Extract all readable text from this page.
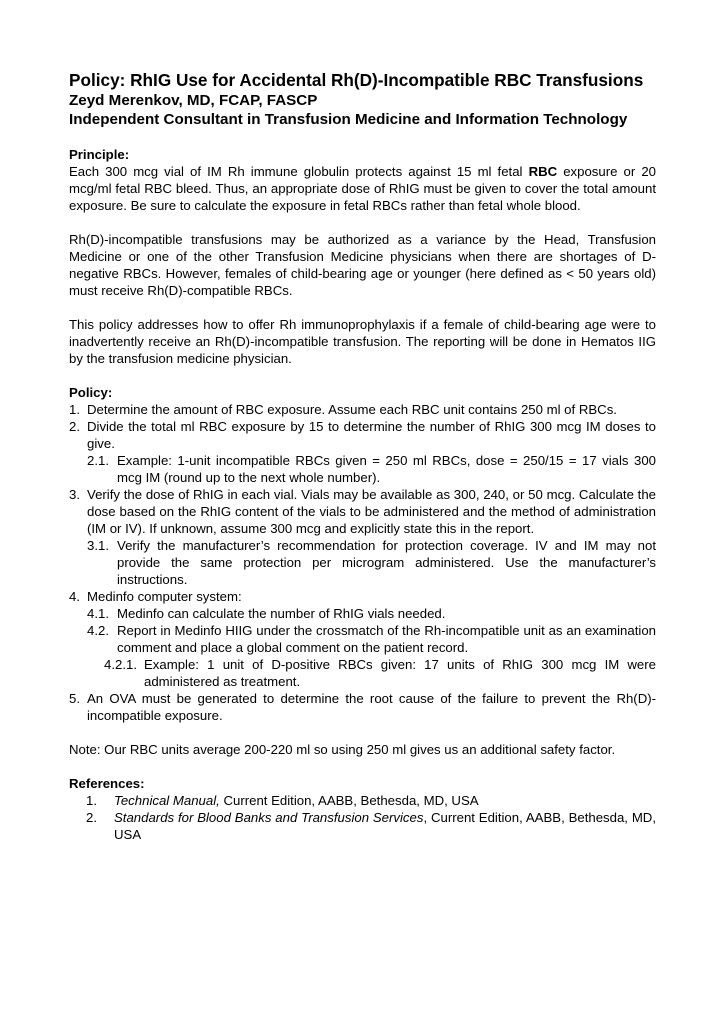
Policy: RhIG Use for Accidental Rh(D)-Incompatible RBC Transfusions
Zeyd Merenkov, MD, FCAP, FASCP
Independent Consultant in Transfusion Medicine and Information Technology
Principle:

Each 300 mcg vial of IM Rh immune globulin protects against 15 ml fetal RBC exposure or 20 mcg/ml fetal RBC bleed. Thus, an appropriate dose of RhIG must be given to cover the total amount exposure. Be sure to calculate the exposure in fetal RBCs rather than fetal whole blood.

Rh(D)-incompatible transfusions may be authorized as a variance by the Head, Transfusion Medicine or one of the other Transfusion Medicine physicians when there are shortages of D-negative RBCs. However, females of child-bearing age or younger (here defined as < 50 years old) must receive Rh(D)-compatible RBCs.

This policy addresses how to offer Rh immunoprophylaxis if a female of child-bearing age were to inadvertently receive an Rh(D)-incompatible transfusion. The reporting will be done in Hematos IIG by the transfusion medicine physician.

Policy:
1. Determine the amount of RBC exposure. Assume each RBC unit contains 250 ml of RBCs.
2. Divide the total ml RBC exposure by 15 to determine the number of RhIG 300 mcg IM doses to give.
2.1. Example: 1-unit incompatible RBCs given = 250 ml RBCs, dose = 250/15 = 17 vials 300 mcg IM (round up to the next whole number).
3. Verify the dose of RhIG in each vial. Vials may be available as 300, 240, or 50 mcg. Calculate the dose based on the RhIG content of the vials to be administered and the method of administration (IM or IV). If unknown, assume 300 mcg and explicitly state this in the report.
3.1. Verify the manufacturer’s recommendation for protection coverage. IV and IM may not provide the same protection per microgram administered. Use the manufacturer’s instructions.
4. Medinfo computer system:
4.1. Medinfo can calculate the number of RhIG vials needed.
4.2. Report in Medinfo HIIG under the crossmatch of the Rh-incompatible unit as an examination comment and place a global comment on the patient record.
4.2.1. Example: 1 unit of D-positive RBCs given: 17 units of RhIG 300 mcg IM were administered as treatment.
5. An OVA must be generated to determine the root cause of the failure to prevent the Rh(D)-incompatible exposure.

Note: Our RBC units average 200-220 ml so using 250 ml gives us an additional safety factor.

References:
1. Technical Manual, Current Edition, AABB, Bethesda, MD, USA
2. Standards for Blood Banks and Transfusion Services, Current Edition, AABB, Bethesda, MD, USA
